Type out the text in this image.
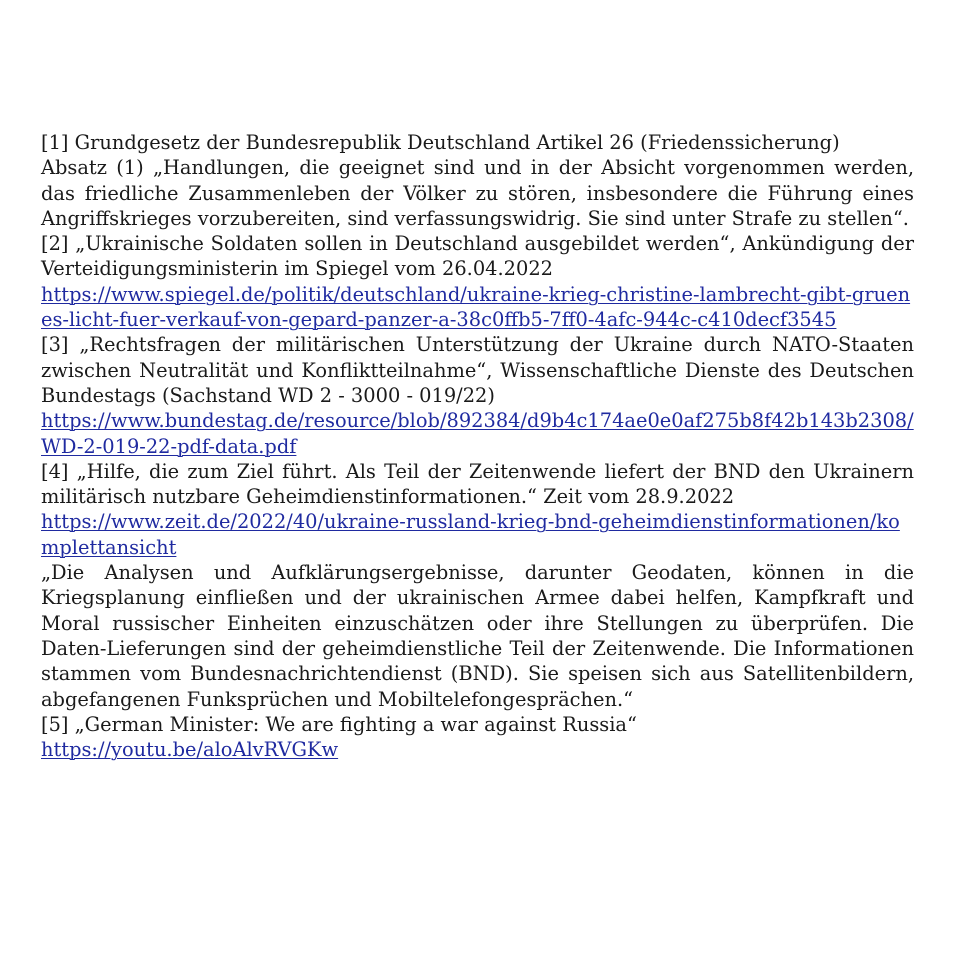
[1] Grundgesetz der Bundesrepublik Deutschland Artikel 26 (Friedenssicherung)

Absatz (1) „Handlungen, die geeignet sind und in der Absicht vorgenommen werden, das friedliche Zusammenleben der Völker zu stören, insbesondere die Führung eines Angriffskrieges vorzubereiten, sind verfassungswidrig. Sie sind unter Strafe zu stellen“.

[2] „Ukrainische Soldaten sollen in Deutschland ausgebildet werden“, Ankündigung der Verteidigungsministerin im Spiegel vom 26.04.2022

https://www.spiegel.de/politik/deutschland/ukraine-krieg-christine-lambrecht-gibt-gruenes-licht-fuer-verkauf-von-gepard-panzer-a-38c0ffb5-7ff0-4afc-944c-c410decf3545

[3] „Rechtsfragen der militärischen Unterstützung der Ukraine durch NATO-Staaten zwischen Neutralität und Konfliktteilnahme“, Wissenschaftliche Dienste des Deutschen Bundestags (Sachstand WD 2 - 3000 - 019/22)

https://www.bundestag.de/resource/blob/892384/d9b4c174ae0e0af275b8f42b143b2308/WD-2-019-22-pdf-data.pdf

[4] „Hilfe, die zum Ziel führt. Als Teil der Zeitenwende liefert der BND den Ukrainern militärisch nutzbare Geheimdienstinformationen.“ Zeit vom 28.9.2022

https://www.zeit.de/2022/40/ukraine-russland-krieg-bnd-geheimdienstinformationen/komplettansicht

„Die Analysen und Aufklärungsergebnisse, darunter Geodaten, können in die Kriegsplanung einfließen und der ukrainischen Armee dabei helfen, Kampfkraft und Moral russischer Einheiten einzuschätzen oder ihre Stellungen zu überprüfen. Die Daten-Lieferungen sind der geheimdienstliche Teil der Zeitenwende. Die Informationen stammen vom Bundesnachrichtendienst (BND). Sie speisen sich aus Satellitenbildern, abgefangenen Funksprüchen und Mobiltelefongesprächen.“

[5] „German Minister: We are fighting a war against Russia“

https://youtu.be/aloAlvRVGKw
